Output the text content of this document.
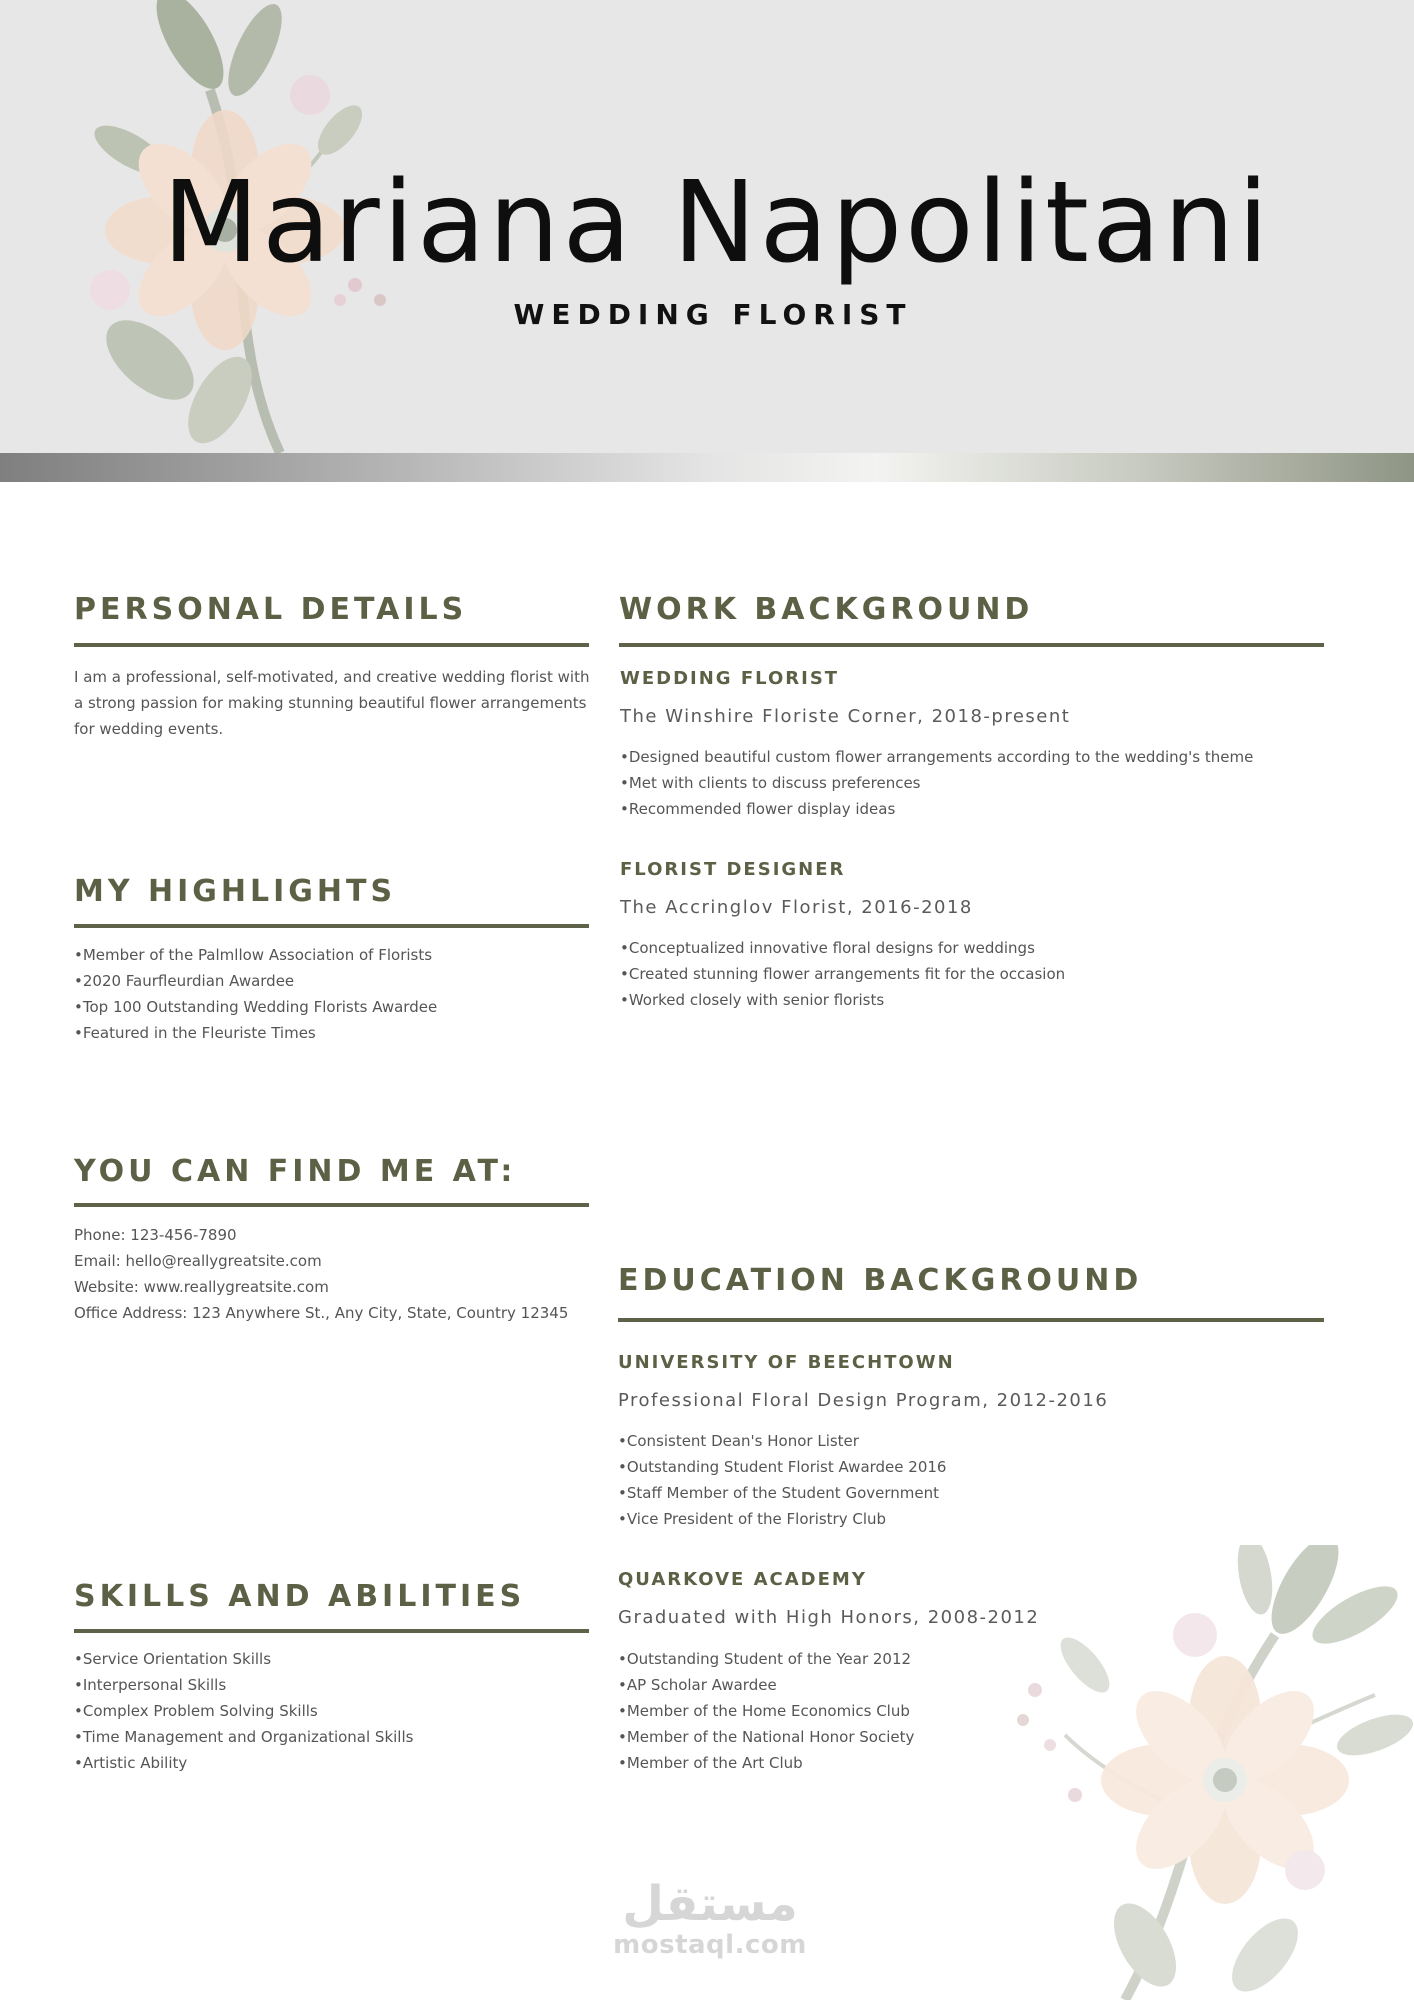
Mariana Napolitani
WEDDING FLORIST
PERSONAL DETAILS
I am a professional, self-motivated, and creative wedding florist with a strong passion for making stunning beautiful flower arrangements for wedding events.
MY HIGHLIGHTS
• Member of the Palmllow Association of Florists
• 2020 Faurfleurdian Awardee
• Top 100 Outstanding Wedding Florists Awardee
• Featured in the Fleuriste Times
YOU CAN FIND ME AT:
Phone: 123-456-7890
Email: hello@reallygreatsite.com
Website: www.reallygreatsite.com
Office Address: 123 Anywhere St., Any City, State, Country 12345
SKILLS AND ABILITIES
• Service Orientation Skills
• Interpersonal Skills
• Complex Problem Solving Skills
• Time Management and Organizational Skills
• Artistic Ability
WORK BACKGROUND
WEDDING FLORIST
The Winshire Floriste Corner, 2018-present
• Designed beautiful custom flower arrangements according to the wedding's theme
• Met with clients to discuss preferences
• Recommended flower display ideas
FLORIST DESIGNER
The Accringlov Florist, 2016-2018
• Conceptualized innovative floral designs for weddings
• Created stunning flower arrangements fit for the occasion
• Worked closely with senior florists
EDUCATION BACKGROUND
UNIVERSITY OF BEECHTOWN
Professional Floral Design Program, 2012-2016
• Consistent Dean's Honor Lister
• Outstanding Student Florist Awardee 2016
• Staff Member of the Student Government
• Vice President of the Floristry Club
QUARKOVE ACADEMY
Graduated with High Honors, 2008-2012
• Outstanding Student of the Year 2012
• AP Scholar Awardee
• Member of the Home Economics Club
• Member of the National Honor Society
• Member of the Art Club
مستقل
mostaql.com
